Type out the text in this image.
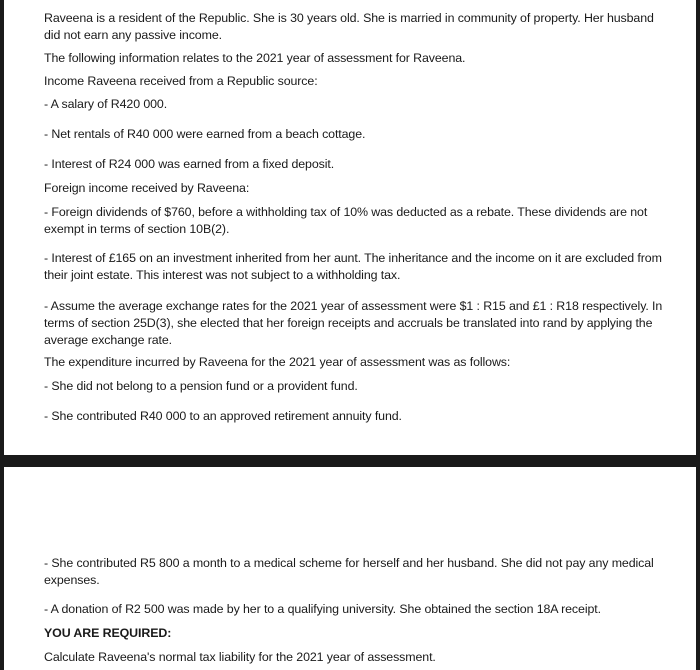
Raveena is a resident of the Republic. She is 30 years old. She is married in community of property. Her husband did not earn any passive income.
The following information relates to the 2021 year of assessment for Raveena.
Income Raveena received from a Republic source:
- A salary of R420 000.
- Net rentals of R40 000 were earned from a beach cottage.
- Interest of R24 000 was earned from a fixed deposit.
Foreign income received by Raveena:
- Foreign dividends of $760, before a withholding tax of 10% was deducted as a rebate. These dividends are not exempt in terms of section 10B(2).
- Interest of £165 on an investment inherited from her aunt. The inheritance and the income on it are excluded from their joint estate. This interest was not subject to a withholding tax.
- Assume the average exchange rates for the 2021 year of assessment were $1 : R15 and £1 : R18 respectively. In terms of section 25D(3), she elected that her foreign receipts and accruals be translated into rand by applying the average exchange rate.
The expenditure incurred by Raveena for the 2021 year of assessment was as follows:
- She did not belong to a pension fund or a provident fund.
- She contributed R40 000 to an approved retirement annuity fund.
- She contributed R5 800 a month to a medical scheme for herself and her husband. She did not pay any medical expenses.
- A donation of R2 500 was made by her to a qualifying university. She obtained the section 18A receipt.
YOU ARE REQUIRED:
Calculate Raveena's normal tax liability for the 2021 year of assessment.
